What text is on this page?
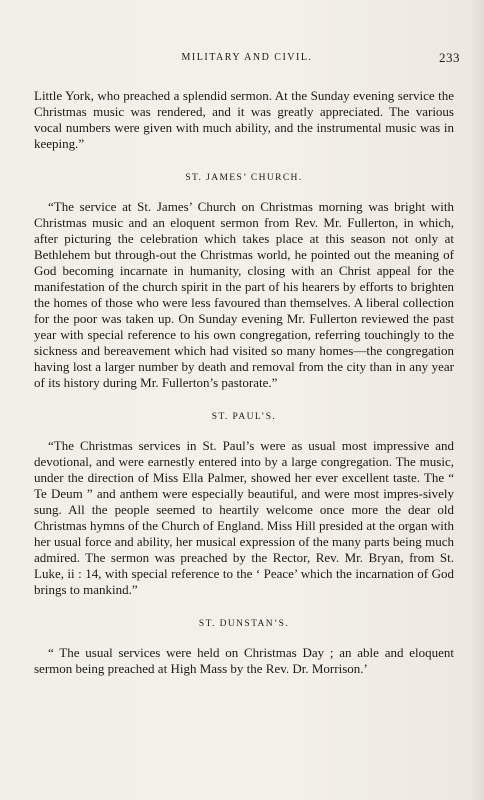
MILITARY AND CIVIL.	233

Little York, who preached a splendid sermon. At the Sunday evening service the Christmas music was rendered, and it was greatly appreciated. The various vocal numbers were given with much ability, and the instrumental music was in keeping.”

ST. JAMES’ CHURCH.

“The service at St. James’ Church on Christmas morning was bright with Christmas music and an eloquent sermon from Rev. Mr. Fullerton, in which, after picturing the celebration which takes place at this season not only at Bethlehem but through-out the Christmas world, he pointed out the meaning of God becoming incarnate in humanity, closing with an Christ appeal for the manifestation of the church spirit in the part of his hearers by efforts to brighten the homes of those who were less favoured than themselves. A liberal collection for the poor was taken up. On Sunday evening Mr. Fullerton reviewed the past year with special reference to his own congregation, referring touchingly to the sickness and bereavement which had visited so many homes—the congregation having lost a larger number by death and removal from the city than in any year of its history during Mr. Fullerton’s pastorate.”

ST. PAUL’S.

“The Christmas services in St. Paul’s were as usual most impressive and devotional, and were earnestly entered into by a large congregation. The music, under the direction of Miss Ella Palmer, showed her ever excellent taste. The “ Te Deum ” and anthem were especially beautiful, and were most impres-sively sung. All the people seemed to heartily welcome once more the dear old Christmas hymns of the Church of England. Miss Hill presided at the organ with her usual force and ability, her musical expression of the many parts being much admired. The sermon was preached by the Rector, Rev. Mr. Bryan, from St. Luke, ii : 14, with special reference to the ‘ Peace’ which the incarnation of God brings to mankind.”

ST. DUNSTAN’S.

“ The usual services were held on Christmas Day ; an able and eloquent sermon being preached at High Mass by the Rev. Dr. Morrison.’
